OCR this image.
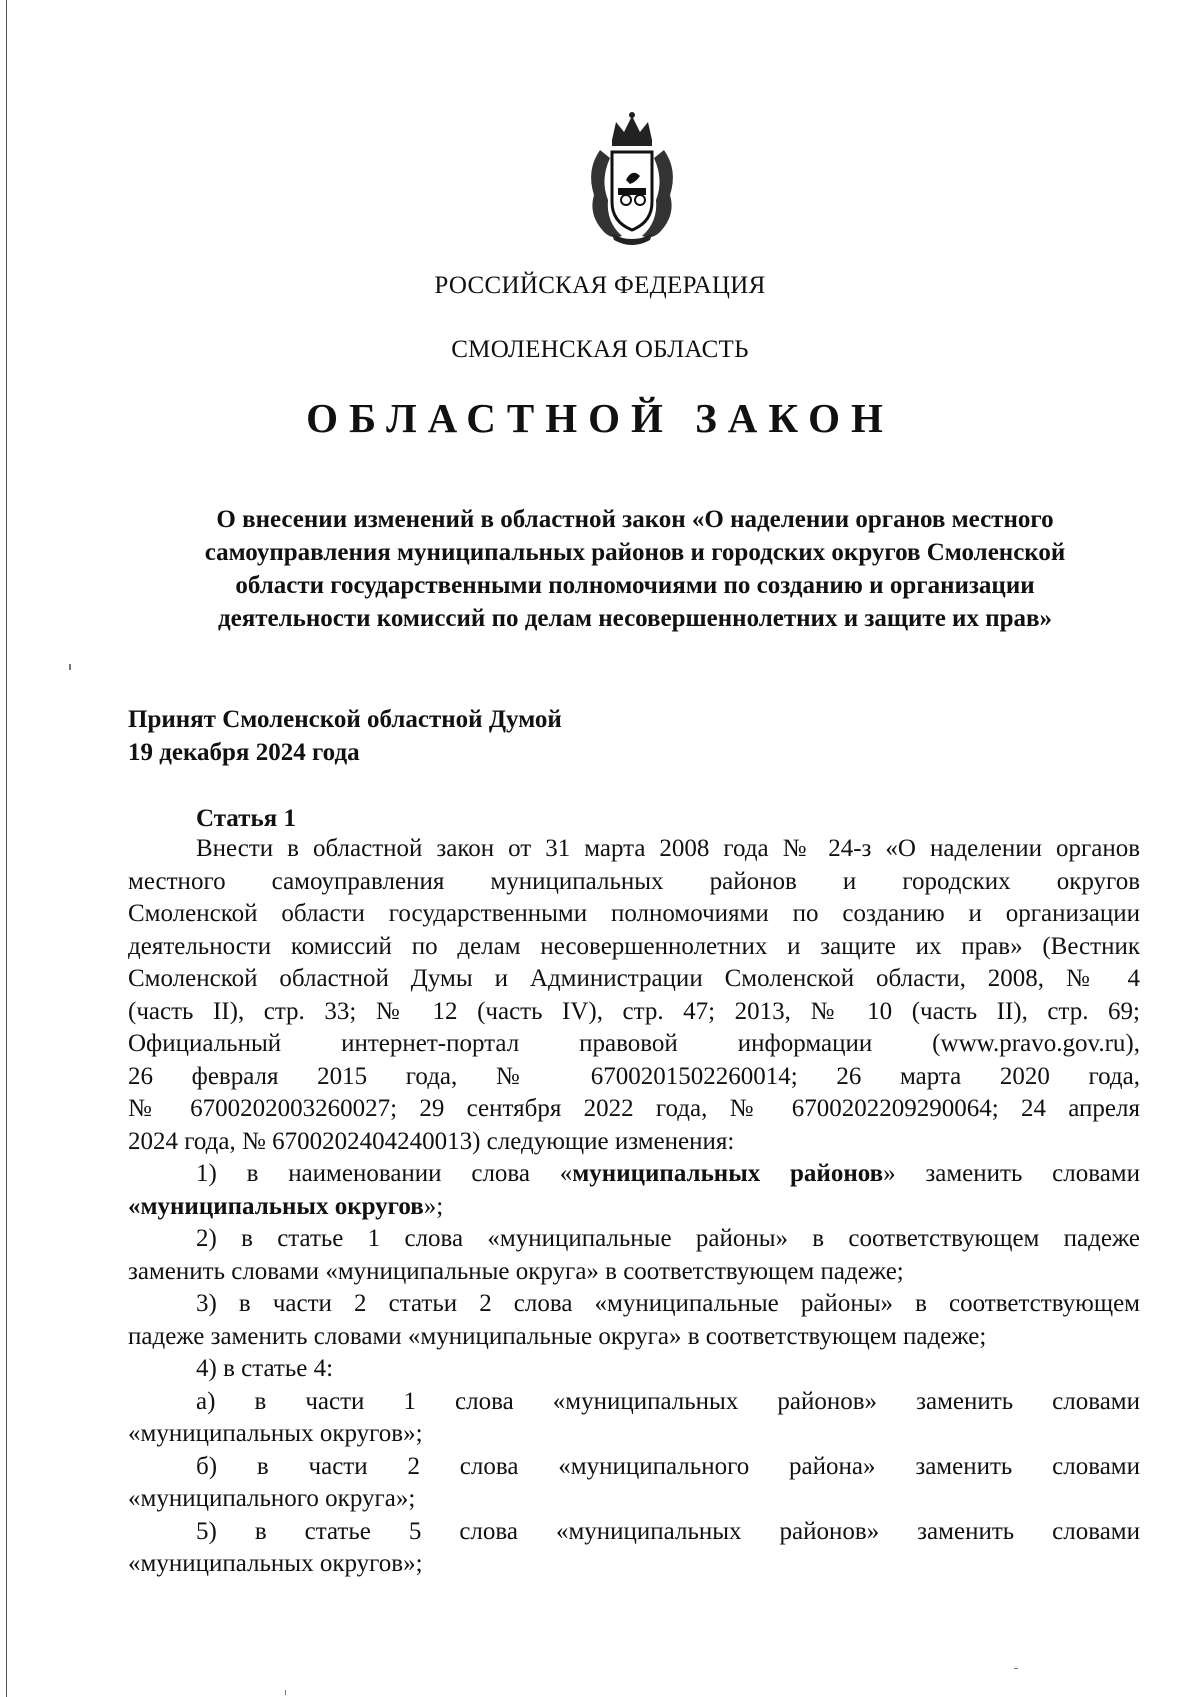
РОССИЙСКАЯ ФЕДЕРАЦИЯ
СМОЛЕНСКАЯ ОБЛАСТЬ
ОБЛАСТНОЙ ЗАКОН
О внесении изменений в областной закон «О наделении органов местного
самоуправления муниципальных районов и городских округов Смоленской
области государственными полномочиями по созданию и организации
деятельности комиссий по делам несовершеннолетних и защите их прав»
Принят Смоленской областной Думой
19 декабря 2024 года
Статья 1
Внести в областной закон от 31 марта 2008 года № 24-з «О наделении органов
местного самоуправления муниципальных районов и городских округов
Смоленской области государственными полномочиями по созданию и организации
деятельности комиссий по делам несовершеннолетних и защите их прав» (Вестник
Смоленской областной Думы и Администрации Смоленской области, 2008, № 4
(часть II), стр. 33; № 12 (часть IV), стр. 47; 2013, № 10 (часть II), стр. 69;
Официальный интернет-портал правовой информации (www.pravo.gov.ru),
26 февраля 2015 года, № 6700201502260014; 26 марта 2020 года,
№ 6700202003260027; 29 сентября 2022 года, № 6700202209290064; 24 апреля
2024 года, № 6700202404240013) следующие изменения:
1) в наименовании слова «муниципальных районов» заменить словами
«муниципальных округов»;
2) в статье 1 слова «муниципальные районы» в соответствующем падеже
заменить словами «муниципальные округа» в соответствующем падеже;
3) в части 2 статьи 2 слова «муниципальные районы» в соответствующем
падеже заменить словами «муниципальные округа» в соответствующем падеже;
4) в статье 4:
а) в части 1 слова «муниципальных районов» заменить словами
«муниципальных округов»;
б) в части 2 слова «муниципального района» заменить словами
«муниципального округа»;
5) в статье 5 слова «муниципальных районов» заменить словами
«муниципальных округов»;
